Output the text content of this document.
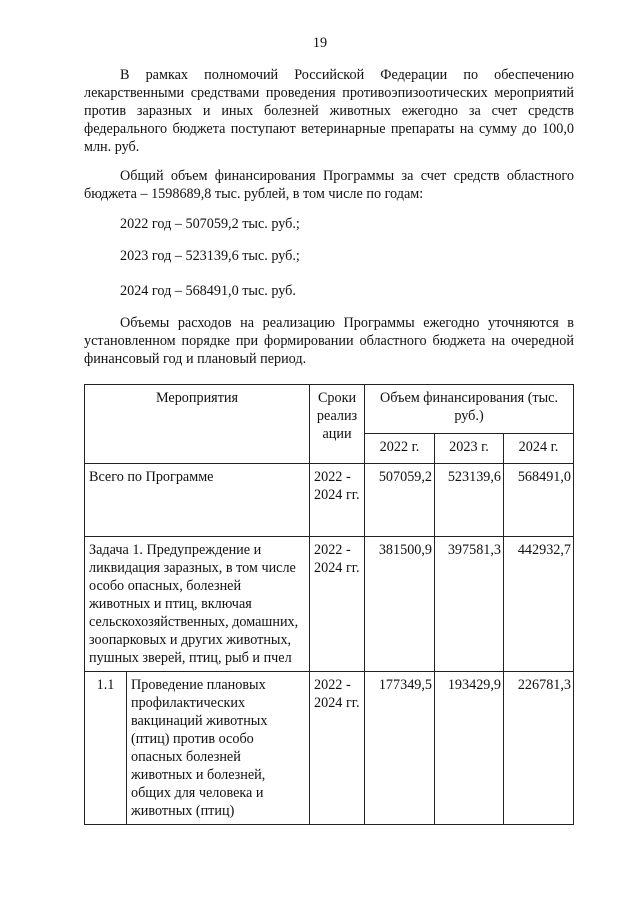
19
В рамках полномочий Российской Федерации по обеспечению лекарственными средствами проведения противоэпизоотических мероприятий против заразных и иных болезней животных ежегодно за счет средств федерального бюджета поступают ветеринарные препараты на сумму до 100,0 млн. руб.
Общий объем финансирования Программы за счет средств областного бюджета – 1598689,8 тыс. рублей, в том числе по годам:
2022 год – 507059,2 тыс. руб.;
2023 год – 523139,6 тыс. руб.;
2024 год – 568491,0 тыс. руб.
Объемы расходов на реализацию Программы ежегодно уточняются в установленном порядке при формировании областного бюджета на очередной финансовый год и плановый период.
Мероприятия		Сроки реализ ации	Объем финансирования (тыс. руб.)		
			2022 г.	2023 г.	2024 г.
Всего по Программе		2022 - 2024 гг.	507059,2	523139,6	568491,0
Задача 1. Предупреждение и ликвидация заразных, в том числе особо опасных, болезней животных и птиц, включая сельскохозяйственных, домашних, зоопарковых и других животных, пушных зверей, птиц, рыб и пчел		2022 - 2024 гг.	381500,9	397581,3	442932,7
1.1	Проведение плановых профилактических вакцинаций животных (птиц) против особо опасных болезней животных и болезней, общих для человека и животных (птиц)	2022 - 2024 гг.	177349,5	193429,9	226781,3
